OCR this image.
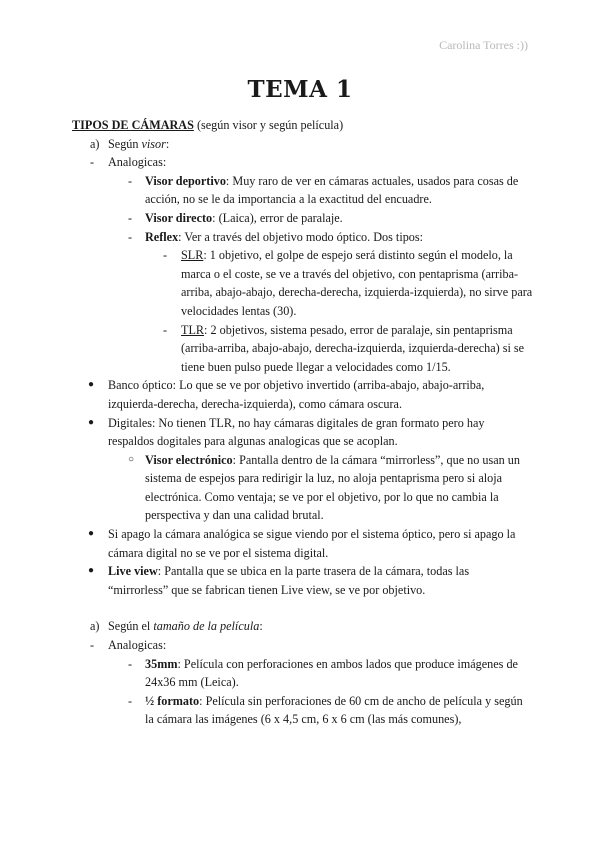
Carolina Torres :))
TEMA 1
TIPOS DE CÁMARAS (según visor y según película)
a) Según visor:
- Analogicas:
- Visor deportivo: Muy raro de ver en cámaras actuales, usados para cosas de acción, no se le da importancia a la exactitud del encuadre.
- Visor directo: (Laica), error de paralaje.
- Reflex: Ver a través del objetivo modo óptico. Dos tipos:
- SLR: 1 objetivo, el golpe de espejo será distinto según el modelo, la marca o el coste, se ve a través del objetivo, con pentaprisma (arriba-arriba, abajo-abajo, derecha-derecha, izquierda-izquierda), no sirve para velocidades lentas (30).
- TLR: 2 objetivos, sistema pesado, error de paralaje, sin pentaprisma (arriba-arriba, abajo-abajo, derecha-izquierda, izquierda-derecha) si se tiene buen pulso puede llegar a velocidades como 1/15.
● Banco óptico: Lo que se ve por objetivo invertido (arriba-abajo, abajo-arriba, izquierda-derecha, derecha-izquierda), como cámara oscura.
● Digitales: No tienen TLR, no hay cámaras digitales de gran formato pero hay respaldos dogitales para algunas analogicas que se acoplan.
○ Visor electrónico: Pantalla dentro de la cámara “mirrorless”, que no usan un sistema de espejos para redirigir la luz, no aloja pentaprisma pero si aloja electrónica. Como ventaja; se ve por el objetivo, por lo que no cambia la perspectiva y dan una calidad brutal.
● Si apago la cámara analógica se sigue viendo por el sistema óptico, pero si apago la cámara digital no se ve por el sistema digital.
● Live view: Pantalla que se ubica en la parte trasera de la cámara, todas las “mirrorless” que se fabrican tienen Live view, se ve por objetivo.
a) Según el tamaño de la película:
- Analogicas:
- 35mm: Película con perforaciones en ambos lados que produce imágenes de 24x36 mm (Leica).
- ½ formato: Película sin perforaciones de 60 cm de ancho de película y según la cámara las imágenes (6 x 4,5 cm, 6 x 6 cm (las más comunes),
